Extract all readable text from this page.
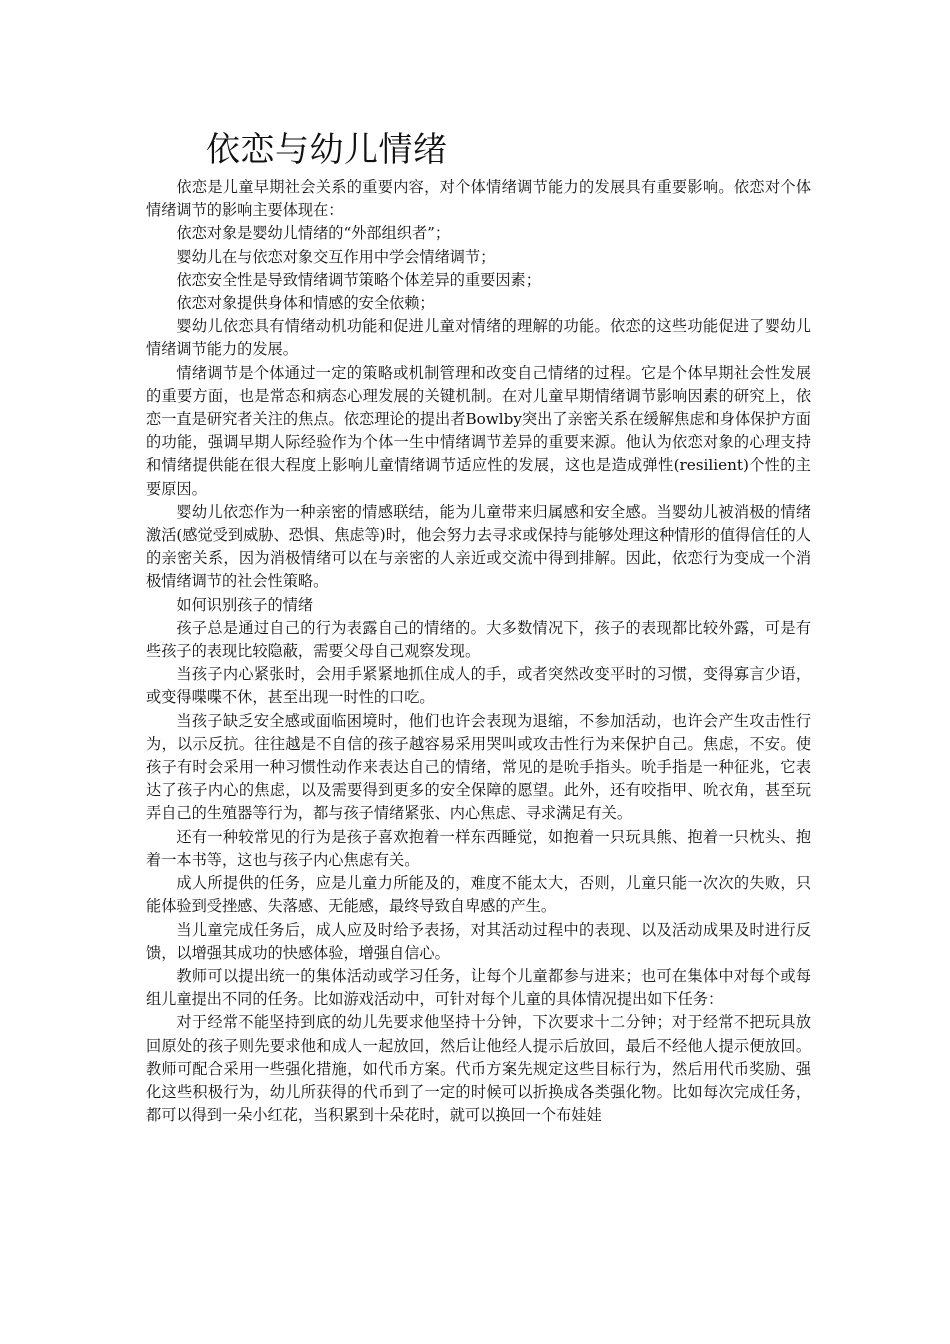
依恋与幼儿情绪

依恋是儿童早期社会关系的重要内容，对个体情绪调节能力的发展具有重要影响。依恋对个体情绪调节的影响主要体现在：

依恋对象是婴幼儿情绪的“外部组织者”；

婴幼儿在与依恋对象交互作用中学会情绪调节；

依恋安全性是导致情绪调节策略个体差异的重要因素；

依恋对象提供身体和情感的安全依赖；

婴幼儿依恋具有情绪动机功能和促进儿童对情绪的理解的功能。依恋的这些功能促进了婴幼儿情绪调节能力的发展。

情绪调节是个体通过一定的策略或机制管理和改变自己情绪的过程。它是个体早期社会性发展的重要方面，也是常态和病态心理发展的关键机制。在对儿童早期情绪调节影响因素的研究上，依恋一直是研究者关注的焦点。依恋理论的提出者Bowlby突出了亲密关系在缓解焦虑和身体保护方面的功能，强调早期人际经验作为个体一生中情绪调节差异的重要来源。他认为依恋对象的心理支持和情绪提供能在很大程度上影响儿童情绪调节适应性的发展，这也是造成弹性(resilient)个性的主要原因。

婴幼儿依恋作为一种亲密的情感联结，能为儿童带来归属感和安全感。当婴幼儿被消极的情绪激活(感觉受到威胁、恐惧、焦虑等)时，他会努力去寻求或保持与能够处理这种情形的值得信任的人的亲密关系，因为消极情绪可以在与亲密的人亲近或交流中得到排解。因此，依恋行为变成一个消极情绪调节的社会性策略。

如何识别孩子的情绪

孩子总是通过自己的行为表露自己的情绪的。大多数情况下，孩子的表现都比较外露，可是有些孩子的表现比较隐蔽，需要父母自己观察发现。

当孩子内心紧张时，会用手紧紧地抓住成人的手，或者突然改变平时的习惯，变得寡言少语，或变得喋喋不休，甚至出现一时性的口吃。

当孩子缺乏安全感或面临困境时，他们也许会表现为退缩，不参加活动，也许会产生攻击性行为，以示反抗。往往越是不自信的孩子越容易采用哭叫或攻击性行为来保护自己。焦虑，不安。使孩子有时会采用一种习惯性动作来表达自己的情绪，常见的是吮手指头。吮手指是一种征兆，它表达了孩子内心的焦虑，以及需要得到更多的安全保障的愿望。此外，还有咬指甲、吮衣角，甚至玩弄自己的生殖器等行为，都与孩子情绪紧张、内心焦虑、寻求满足有关。

还有一种较常见的行为是孩子喜欢抱着一样东西睡觉，如抱着一只玩具熊、抱着一只枕头、抱着一本书等，这也与孩子内心焦虑有关。

成人所提供的任务，应是儿童力所能及的，难度不能太大，否则，儿童只能一次次的失败，只能体验到受挫感、失落感、无能感，最终导致自卑感的产生。

当儿童完成任务后，成人应及时给予表扬，对其活动过程中的表现、以及活动成果及时进行反馈，以增强其成功的快感体验，增强自信心。

教师可以提出统一的集体活动或学习任务，让每个儿童都参与进来；也可在集体中对每个或每组儿童提出不同的任务。比如游戏活动中，可针对每个儿童的具体情况提出如下任务：

对于经常不能坚持到底的幼儿先要求他坚持十分钟，下次要求十二分钟；对于经常不把玩具放回原处的孩子则先要求他和成人一起放回，然后让他经人提示后放回，最后不经他人提示便放回。教师可配合采用一些强化措施，如代币方案。代币方案先规定这些目标行为，然后用代币奖励、强化这些积极行为，幼儿所获得的代币到了一定的时候可以折换成各类强化物。比如每次完成任务，都可以得到一朵小红花，当积累到十朵花时，就可以换回一个布娃娃
